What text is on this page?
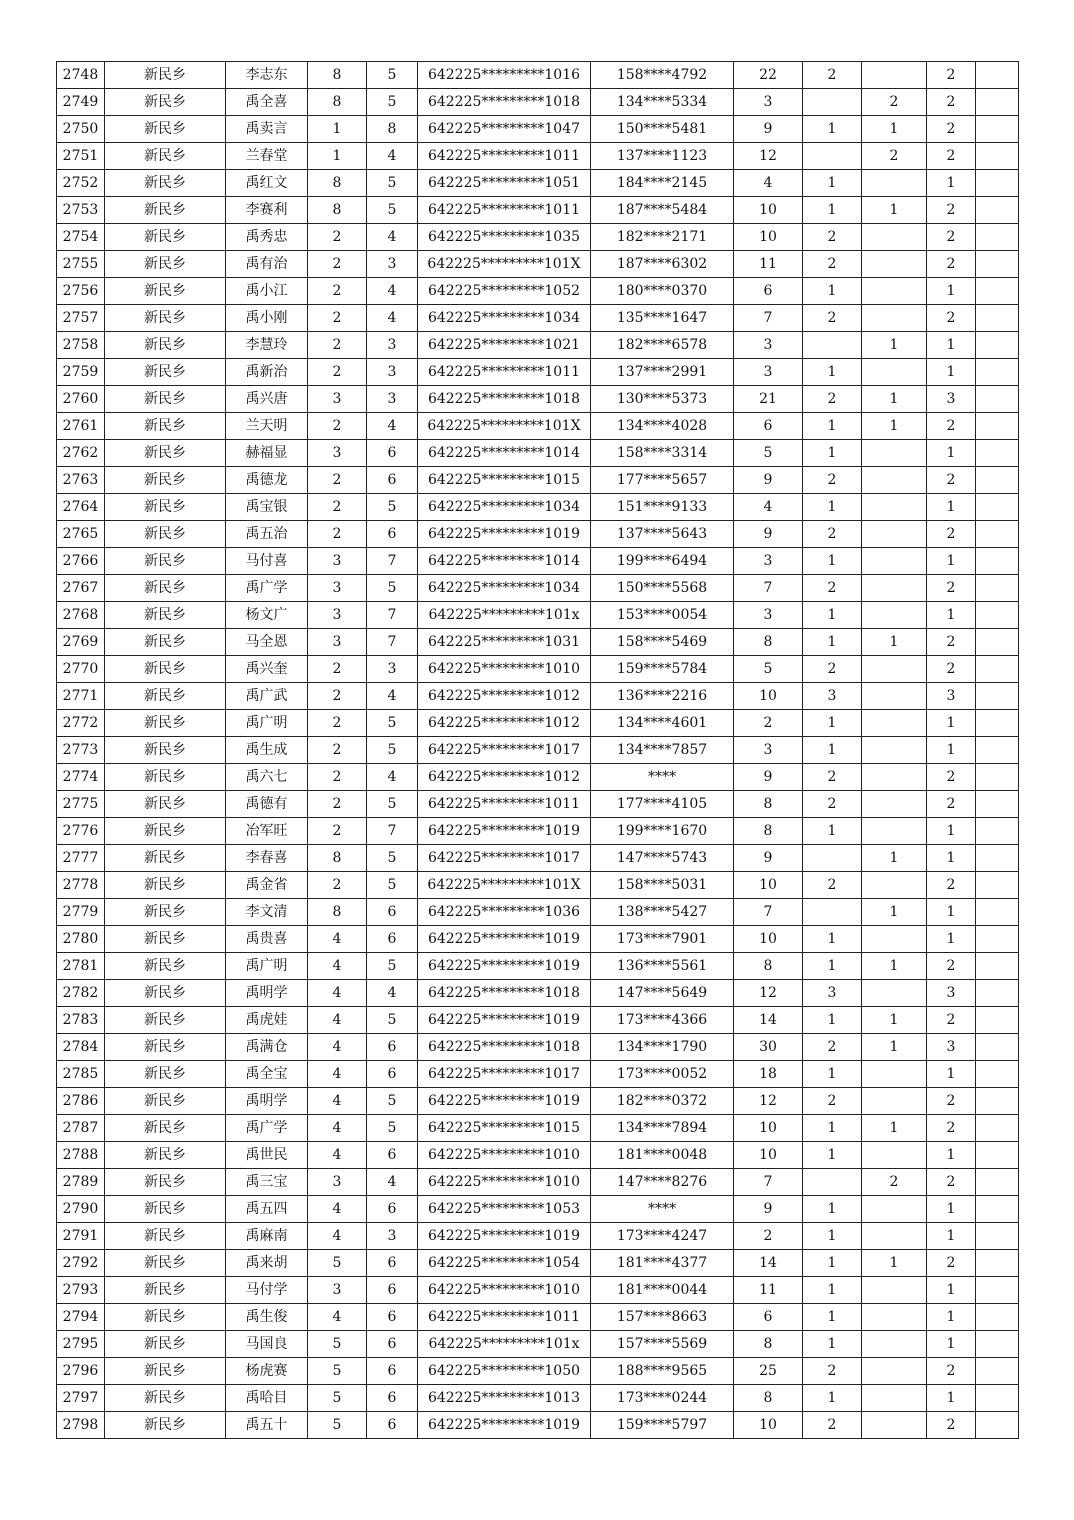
2748	新民乡	李志东	8	5	642225*********1016	158****4792	22	2		2	
2749	新民乡	禹全喜	8	5	642225*********1018	134****5334	3		2	2	
2750	新民乡	禹卖言	1	8	642225*********1047	150****5481	9	1	1	2	
2751	新民乡	兰春堂	1	4	642225*********1011	137****1123	12		2	2	
2752	新民乡	禹红文	8	5	642225*********1051	184****2145	4	1		1	
2753	新民乡	李赛利	8	5	642225*********1011	187****5484	10	1	1	2	
2754	新民乡	禹秀忠	2	4	642225*********1035	182****2171	10	2		2	
2755	新民乡	禹有治	2	3	642225*********101X	187****6302	11	2		2	
2756	新民乡	禹小江	2	4	642225*********1052	180****0370	6	1		1	
2757	新民乡	禹小刚	2	4	642225*********1034	135****1647	7	2		2	
2758	新民乡	李慧玲	2	3	642225*********1021	182****6578	3		1	1	
2759	新民乡	禹新治	2	3	642225*********1011	137****2991	3	1		1	
2760	新民乡	禹兴唐	3	3	642225*********1018	130****5373	21	2	1	3	
2761	新民乡	兰天明	2	4	642225*********101X	134****4028	6	1	1	2	
2762	新民乡	赫福显	3	6	642225*********1014	158****3314	5	1		1	
2763	新民乡	禹德龙	2	6	642225*********1015	177****5657	9	2		2	
2764	新民乡	禹宝银	2	5	642225*********1034	151****9133	4	1		1	
2765	新民乡	禹五治	2	6	642225*********1019	137****5643	9	2		2	
2766	新民乡	马付喜	3	7	642225*********1014	199****6494	3	1		1	
2767	新民乡	禹广学	3	5	642225*********1034	150****5568	7	2		2	
2768	新民乡	杨文广	3	7	642225*********101x	153****0054	3	1		1	
2769	新民乡	马全恩	3	7	642225*********1031	158****5469	8	1	1	2	
2770	新民乡	禹兴奎	2	3	642225*********1010	159****5784	5	2		2	
2771	新民乡	禹广武	2	4	642225*********1012	136****2216	10	3		3	
2772	新民乡	禹广明	2	5	642225*********1012	134****4601	2	1		1	
2773	新民乡	禹生成	2	5	642225*********1017	134****7857	3	1		1	
2774	新民乡	禹六七	2	4	642225*********1012	****	9	2		2	
2775	新民乡	禹德有	2	5	642225*********1011	177****4105	8	2		2	
2776	新民乡	冶军旺	2	7	642225*********1019	199****1670	8	1		1	
2777	新民乡	李春喜	8	5	642225*********1017	147****5743	9		1	1	
2778	新民乡	禹金省	2	5	642225*********101X	158****5031	10	2		2	
2779	新民乡	李文清	8	6	642225*********1036	138****5427	7		1	1	
2780	新民乡	禹贵喜	4	6	642225*********1019	173****7901	10	1		1	
2781	新民乡	禹广明	4	5	642225*********1019	136****5561	8	1	1	2	
2782	新民乡	禹明学	4	4	642225*********1018	147****5649	12	3		3	
2783	新民乡	禹虎娃	4	5	642225*********1019	173****4366	14	1	1	2	
2784	新民乡	禹满仓	4	6	642225*********1018	134****1790	30	2	1	3	
2785	新民乡	禹全宝	4	6	642225*********1017	173****0052	18	1		1	
2786	新民乡	禹明学	4	5	642225*********1019	182****0372	12	2		2	
2787	新民乡	禹广学	4	5	642225*********1015	134****7894	10	1	1	2	
2788	新民乡	禹世民	4	6	642225*********1010	181****0048	10	1		1	
2789	新民乡	禹三宝	3	4	642225*********1010	147****8276	7		2	2	
2790	新民乡	禹五四	4	6	642225*********1053	****	9	1		1	
2791	新民乡	禹麻南	4	3	642225*********1019	173****4247	2	1		1	
2792	新民乡	禹来胡	5	6	642225*********1054	181****4377	14	1	1	2	
2793	新民乡	马付学	3	6	642225*********1010	181****0044	11	1		1	
2794	新民乡	禹生俊	4	6	642225*********1011	157****8663	6	1		1	
2795	新民乡	马国良	5	6	642225*********101x	157****5569	8	1		1	
2796	新民乡	杨虎赛	5	6	642225*********1050	188****9565	25	2		2	
2797	新民乡	禹哈目	5	6	642225*********1013	173****0244	8	1		1	
2798	新民乡	禹五十	5	6	642225*********1019	159****5797	10	2		2	
